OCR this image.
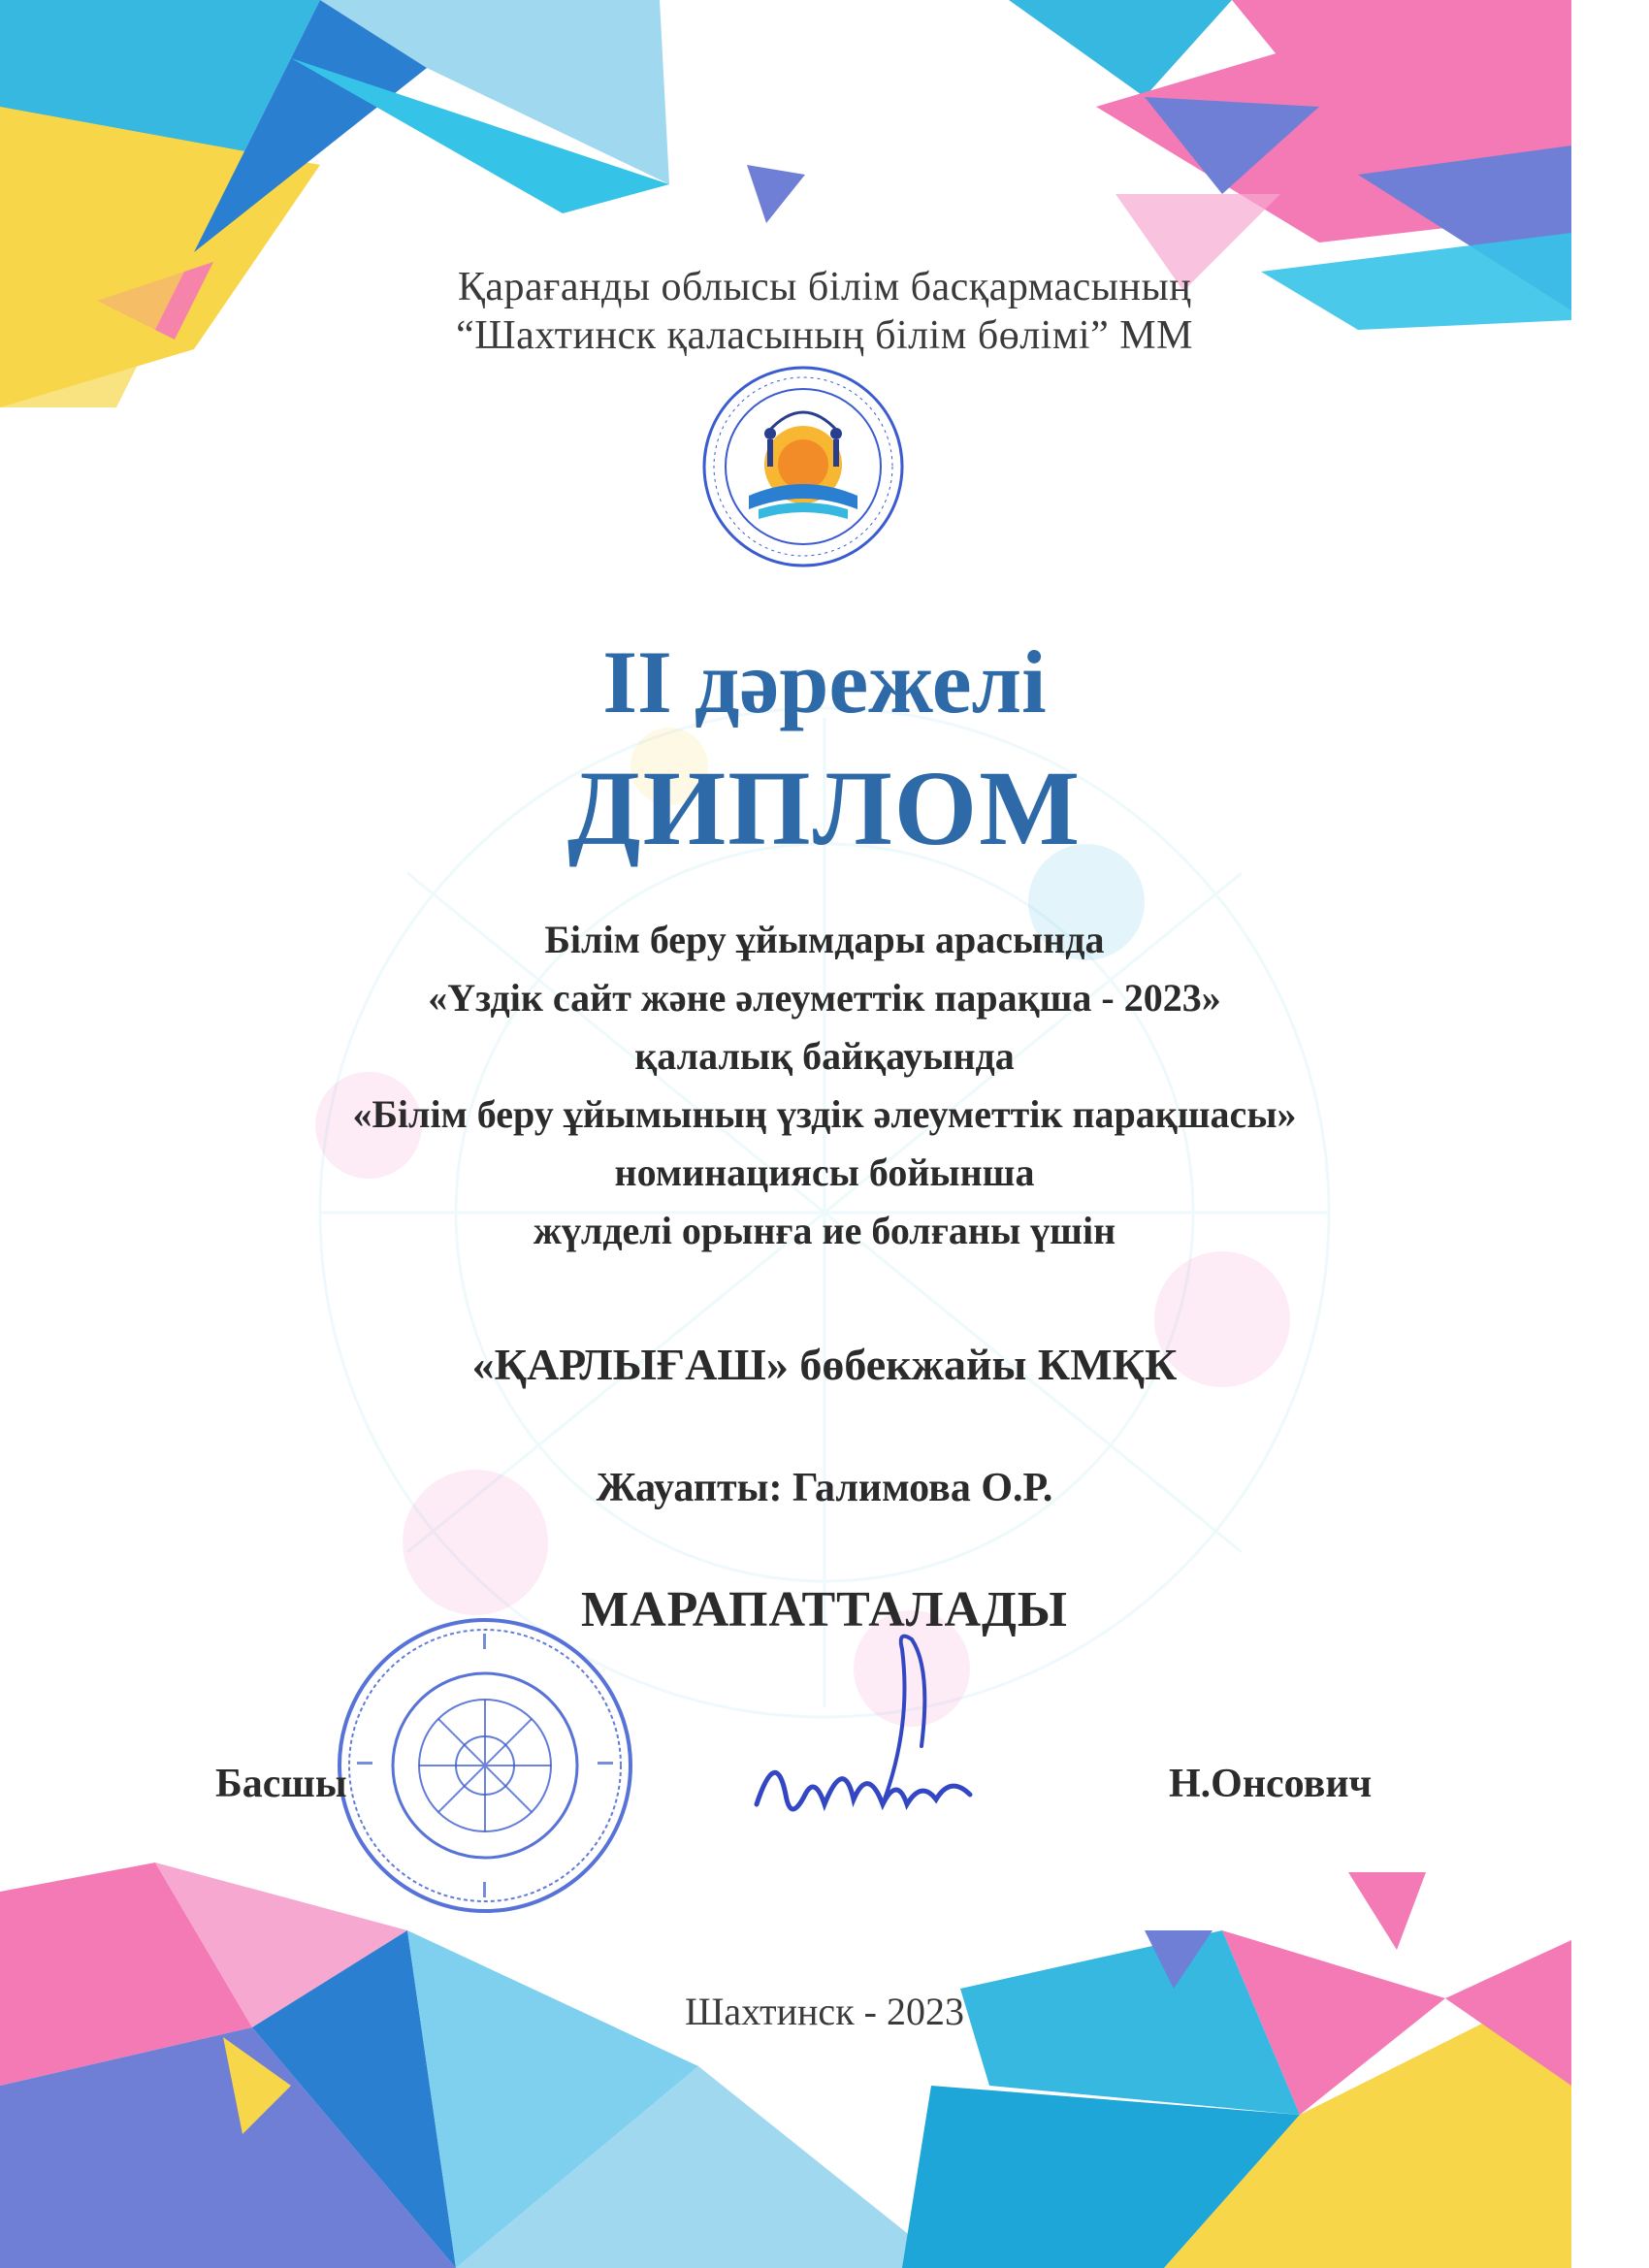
Қарағанды облысы білім басқармасының
“Шахтинск қаласының білім бөлімі” ММ
ІІ дәрежелі
ДИПЛОМ
Білім беру ұйымдары арасында
«Үздік сайт және әлеуметтік парақша - 2023»
қалалық байқауында
«Білім беру ұйымының үздік әлеуметтік парақшасы»
номинациясы бойынша
жүлделі орынға ие болғаны үшін
«ҚАРЛЫҒАШ» бөбекжайы КМҚК
Жауапты: Галимова О.Р.
МАРАПАТТАЛАДЫ
Басшы	Н.Онсович
Шахтинск - 2023
